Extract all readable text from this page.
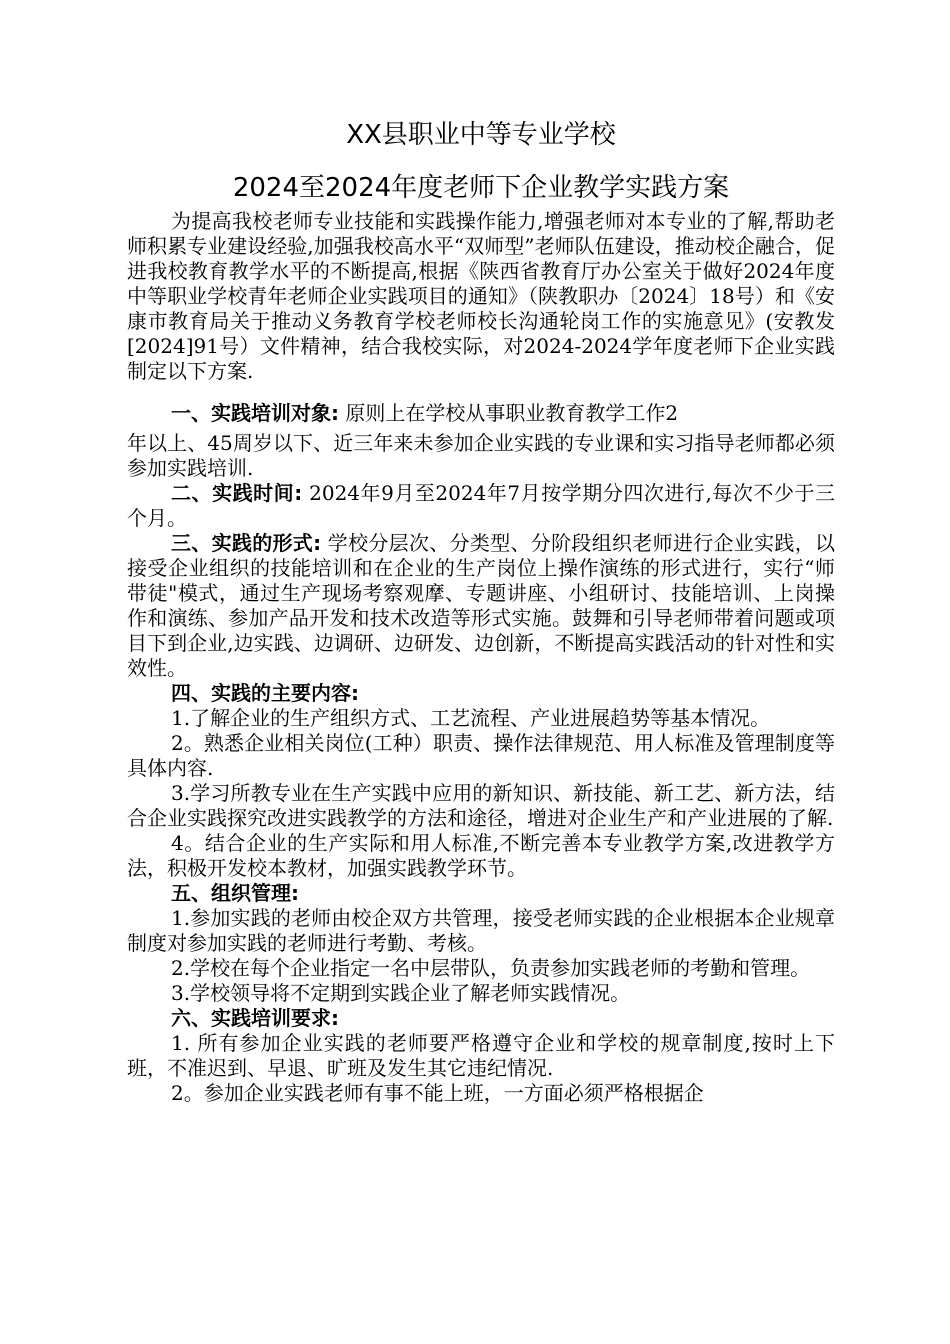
XX县职业中等专业学校
2024至2024年度老师下企业教学实践方案

为提高我校老师专业技能和实践操作能力,增强老师对本专业的了解,帮助老师积累专业建设经验,加强我校高水平“双师型”老师队伍建设，推动校企融合，促进我校教育教学水平的不断提高,根据《陕西省教育厅办公室关于做好2024年度中等职业学校青年老师企业实践项目的通知》（陕教职办〔2024〕18号）和《安康市教育局关于推动义务教育学校老师校长沟通轮岗工作的实施意见》(安教发[2024]91号）文件精神，结合我校实际，对2024-2024学年度老师下企业实践制定以下方案.

一、实践培训对象: 原则上在学校从事职业教育教学工作2

年以上、45周岁以下、近三年来未参加企业实践的专业课和实习指导老师都必须参加实践培训.

二、实践时间: 2024年9月至2024年7月按学期分四次进行,每次不少于三个月。

三、实践的形式: 学校分层次、分类型、分阶段组织老师进行企业实践，以接受企业组织的技能培训和在企业的生产岗位上操作演练的形式进行，实行“师带徒"模式，通过生产现场考察观摩、专题讲座、小组研讨、技能培训、上岗操作和演练、参加产品开发和技术改造等形式实施。鼓舞和引导老师带着问题或项目下到企业,边实践、边调研、边研发、边创新，不断提高实践活动的针对性和实效性。

四、实践的主要内容:

1.了解企业的生产组织方式、工艺流程、产业进展趋势等基本情况。

2。熟悉企业相关岗位(工种）职责、操作法律规范、用人标准及管理制度等具体内容.

3.学习所教专业在生产实践中应用的新知识、新技能、新工艺、新方法，结合企业实践探究改进实践教学的方法和途径，增进对企业生产和产业进展的了解.

4。结合企业的生产实际和用人标准,不断完善本专业教学方案,改进教学方法，积极开发校本教材，加强实践教学环节。

五、组织管理:

1.参加实践的老师由校企双方共管理，接受老师实践的企业根据本企业规章制度对参加实践的老师进行考勤、考核。

2.学校在每个企业指定一名中层带队，负责参加实践老师的考勤和管理。

3.学校领导将不定期到实践企业了解老师实践情况。

六、实践培训要求:

1. 所有参加企业实践的老师要严格遵守企业和学校的规章制度,按时上下班，不准迟到、早退、旷班及发生其它违纪情况.

2。参加企业实践老师有事不能上班，一方面必须严格根据企
